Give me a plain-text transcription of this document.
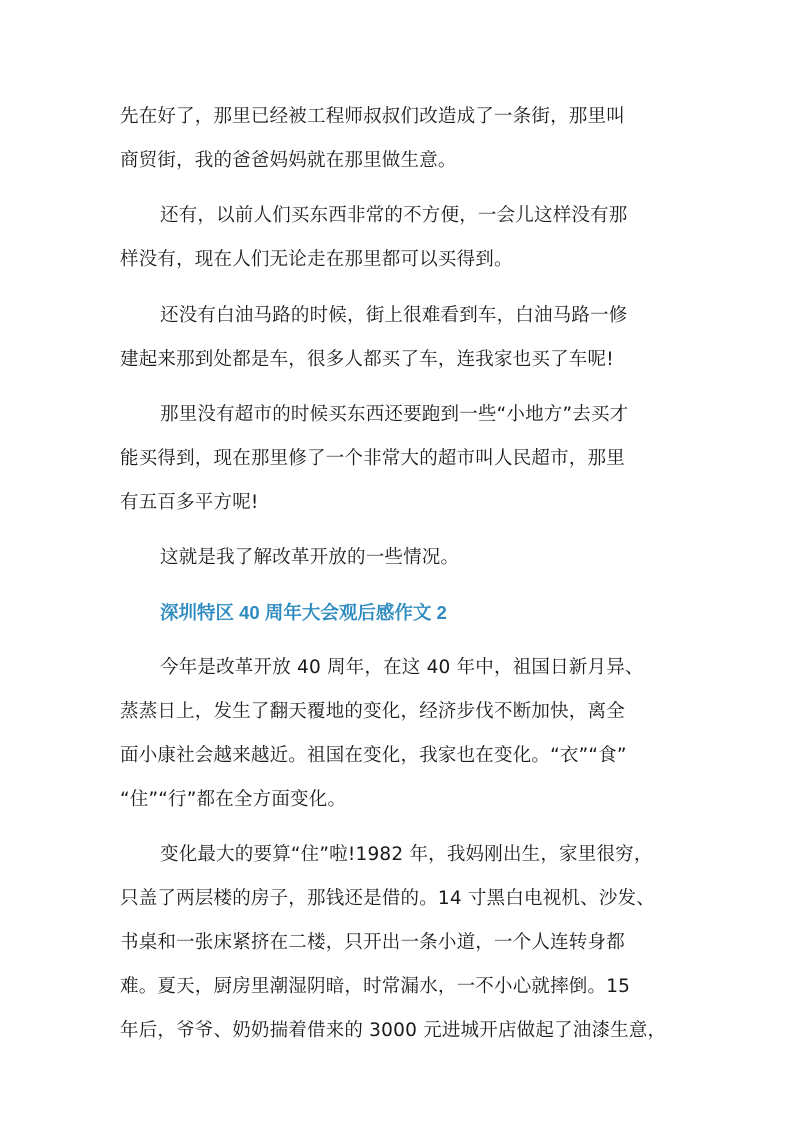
先在好了，那里已经被工程师叔叔们改造成了一条街，那里叫
商贸街，我的爸爸妈妈就在那里做生意。
还有，以前人们买东西非常的不方便，一会儿这样没有那
样没有，现在人们无论走在那里都可以买得到。
还没有白油马路的时候，街上很难看到车，白油马路一修
建起来那到处都是车，很多人都买了车，连我家也买了车呢!
那里没有超市的时候买东西还要跑到一些“小地方”去买才
能买得到，现在那里修了一个非常大的超市叫人民超市，那里
有五百多平方呢!
这就是我了解改革开放的一些情况。
深圳特区 40 周年大会观后感作文 2
今年是改革开放 40 周年，在这 40 年中，祖国日新月异、
蒸蒸日上，发生了翻天覆地的变化，经济步伐不断加快，离全
面小康社会越来越近。祖国在变化，我家也在变化。“衣”“食”
“住”“行”都在全方面变化。
变化最大的要算“住”啦!1982 年，我妈刚出生，家里很穷，
只盖了两层楼的房子，那钱还是借的。14 寸黑白电视机、沙发、
书桌和一张床紧挤在二楼，只开出一条小道，一个人连转身都
难。夏天，厨房里潮湿阴暗，时常漏水，一不小心就摔倒。15
年后，爷爷、奶奶揣着借来的 3000 元进城开店做起了油漆生意，
